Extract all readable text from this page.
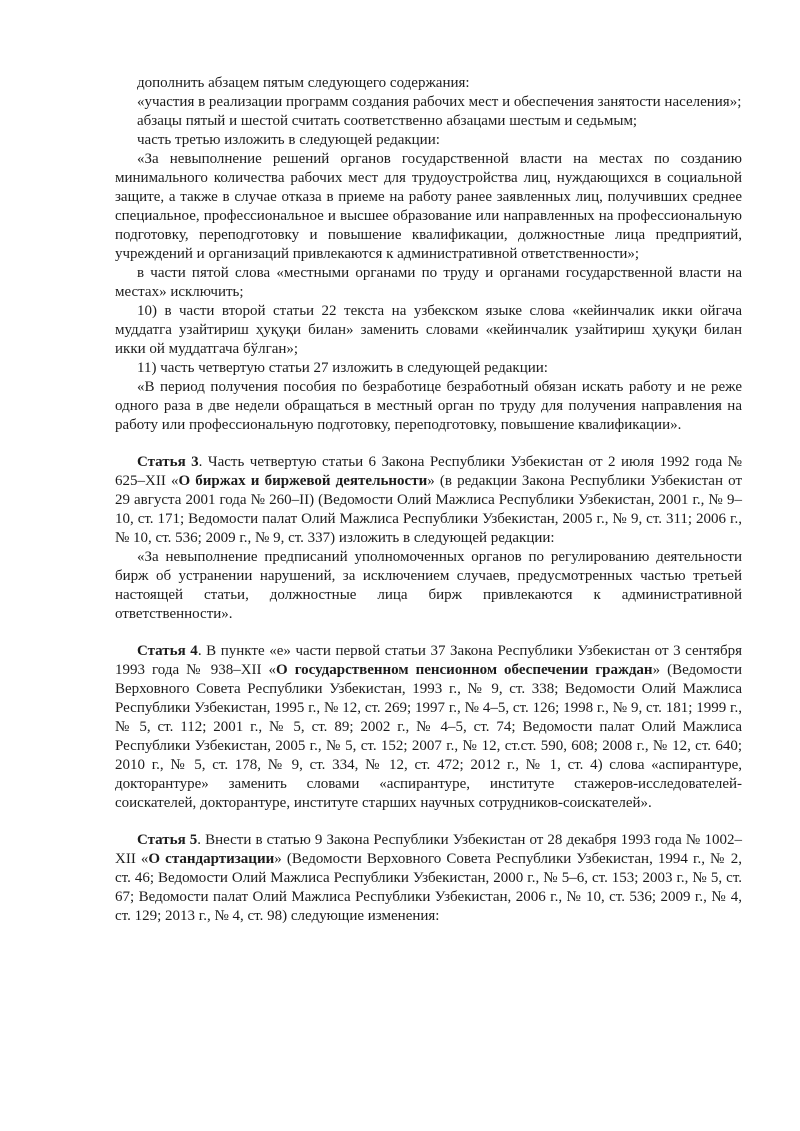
дополнить абзацем пятым следующего содержания:

«участия в реализации программ создания рабочих мест и обеспечения занятости населения»;

абзацы пятый и шестой считать соответственно абзацами шестым и седьмым;

часть третью изложить в следующей редакции:

«За невыполнение решений органов государственной власти на местах по созданию минимального количества рабочих мест для трудоустройства лиц, нуждающихся в социальной защите, а также в случае отказа в приеме на работу ранее заявленных лиц, получивших среднее специальное, профессиональное и высшее образование или направленных на профессиональную подготовку, переподготовку и повышение квалификации, должностные лица предприятий, учреждений и организаций привлекаются к административной ответственности»;

в части пятой слова «местными органами по труду и органами государственной власти на местах» исключить;

10) в части второй статьи 22 текста на узбекском языке слова «кейинчалик икки ойгача муддатга узайтириш ҳуқуқи билан» заменить словами «кейинчалик узайтириш ҳуқуқи билан икки ой муддатгача бўлган»;

11) часть четвертую статьи 27 изложить в следующей редакции:

«В период получения пособия по безработице безработный обязан искать работу и не реже одного раза в две недели обращаться в местный орган по труду для получения направления на работу или профессиональную подготовку, переподготовку, повышение квалификации».

Статья 3. Часть четвертую статьи 6 Закона Республики Узбекистан от 2 июля 1992 года № 625–XII «О биржах и биржевой деятельности» (в редакции Закона Республики Узбекистан от 29 августа 2001 года № 260–II) (Ведомости Олий Мажлиса Республики Узбекистан, 2001 г., № 9–10, ст. 171; Ведомости палат Олий Мажлиса Республики Узбекистан, 2005 г., № 9, ст. 311; 2006 г., № 10, ст. 536; 2009 г., № 9, ст. 337) изложить в следующей редакции:

«За невыполнение предписаний уполномоченных органов по регулированию деятельности бирж об устранении нарушений, за исключением случаев, предусмотренных частью третьей настоящей статьи, должностные лица бирж привлекаются к административной ответственности».

Статья 4. В пункте «е» части первой статьи 37 Закона Республики Узбекистан от 3 сентября 1993 года № 938–XII «О государственном пенсионном обеспечении граждан» (Ведомости Верховного Совета Республики Узбекистан, 1993 г., № 9, ст. 338; Ведомости Олий Мажлиса Республики Узбекистан, 1995 г., № 12, ст. 269; 1997 г., № 4–5, ст. 126; 1998 г., № 9, ст. 181; 1999 г., № 5, ст. 112; 2001 г., № 5, ст. 89; 2002 г., № 4–5, ст. 74; Ведомости палат Олий Мажлиса Республики Узбекистан, 2005 г., № 5, ст. 152; 2007 г., № 12, ст.ст. 590, 608; 2008 г., № 12, ст. 640; 2010 г., № 5, ст. 178, № 9, ст. 334, № 12, ст. 472; 2012 г., № 1, ст. 4) слова «аспирантуре, докторантуре» заменить словами «аспирантуре, институте стажеров-исследователей-соискателей, докторантуре, институте старших научных сотрудников-соискателей».

Статья 5. Внести в статью 9 Закона Республики Узбекистан от 28 декабря 1993 года № 1002–XII «О стандартизации» (Ведомости Верховного Совета Республики Узбекистан, 1994 г., № 2, ст. 46; Ведомости Олий Мажлиса Республики Узбекистан, 2000 г., № 5–6, ст. 153; 2003 г., № 5, ст. 67; Ведомости палат Олий Мажлиса Республики Узбекистан, 2006 г., № 10, ст. 536; 2009 г., № 4, ст. 129; 2013 г., № 4, ст. 98) следующие изменения:
